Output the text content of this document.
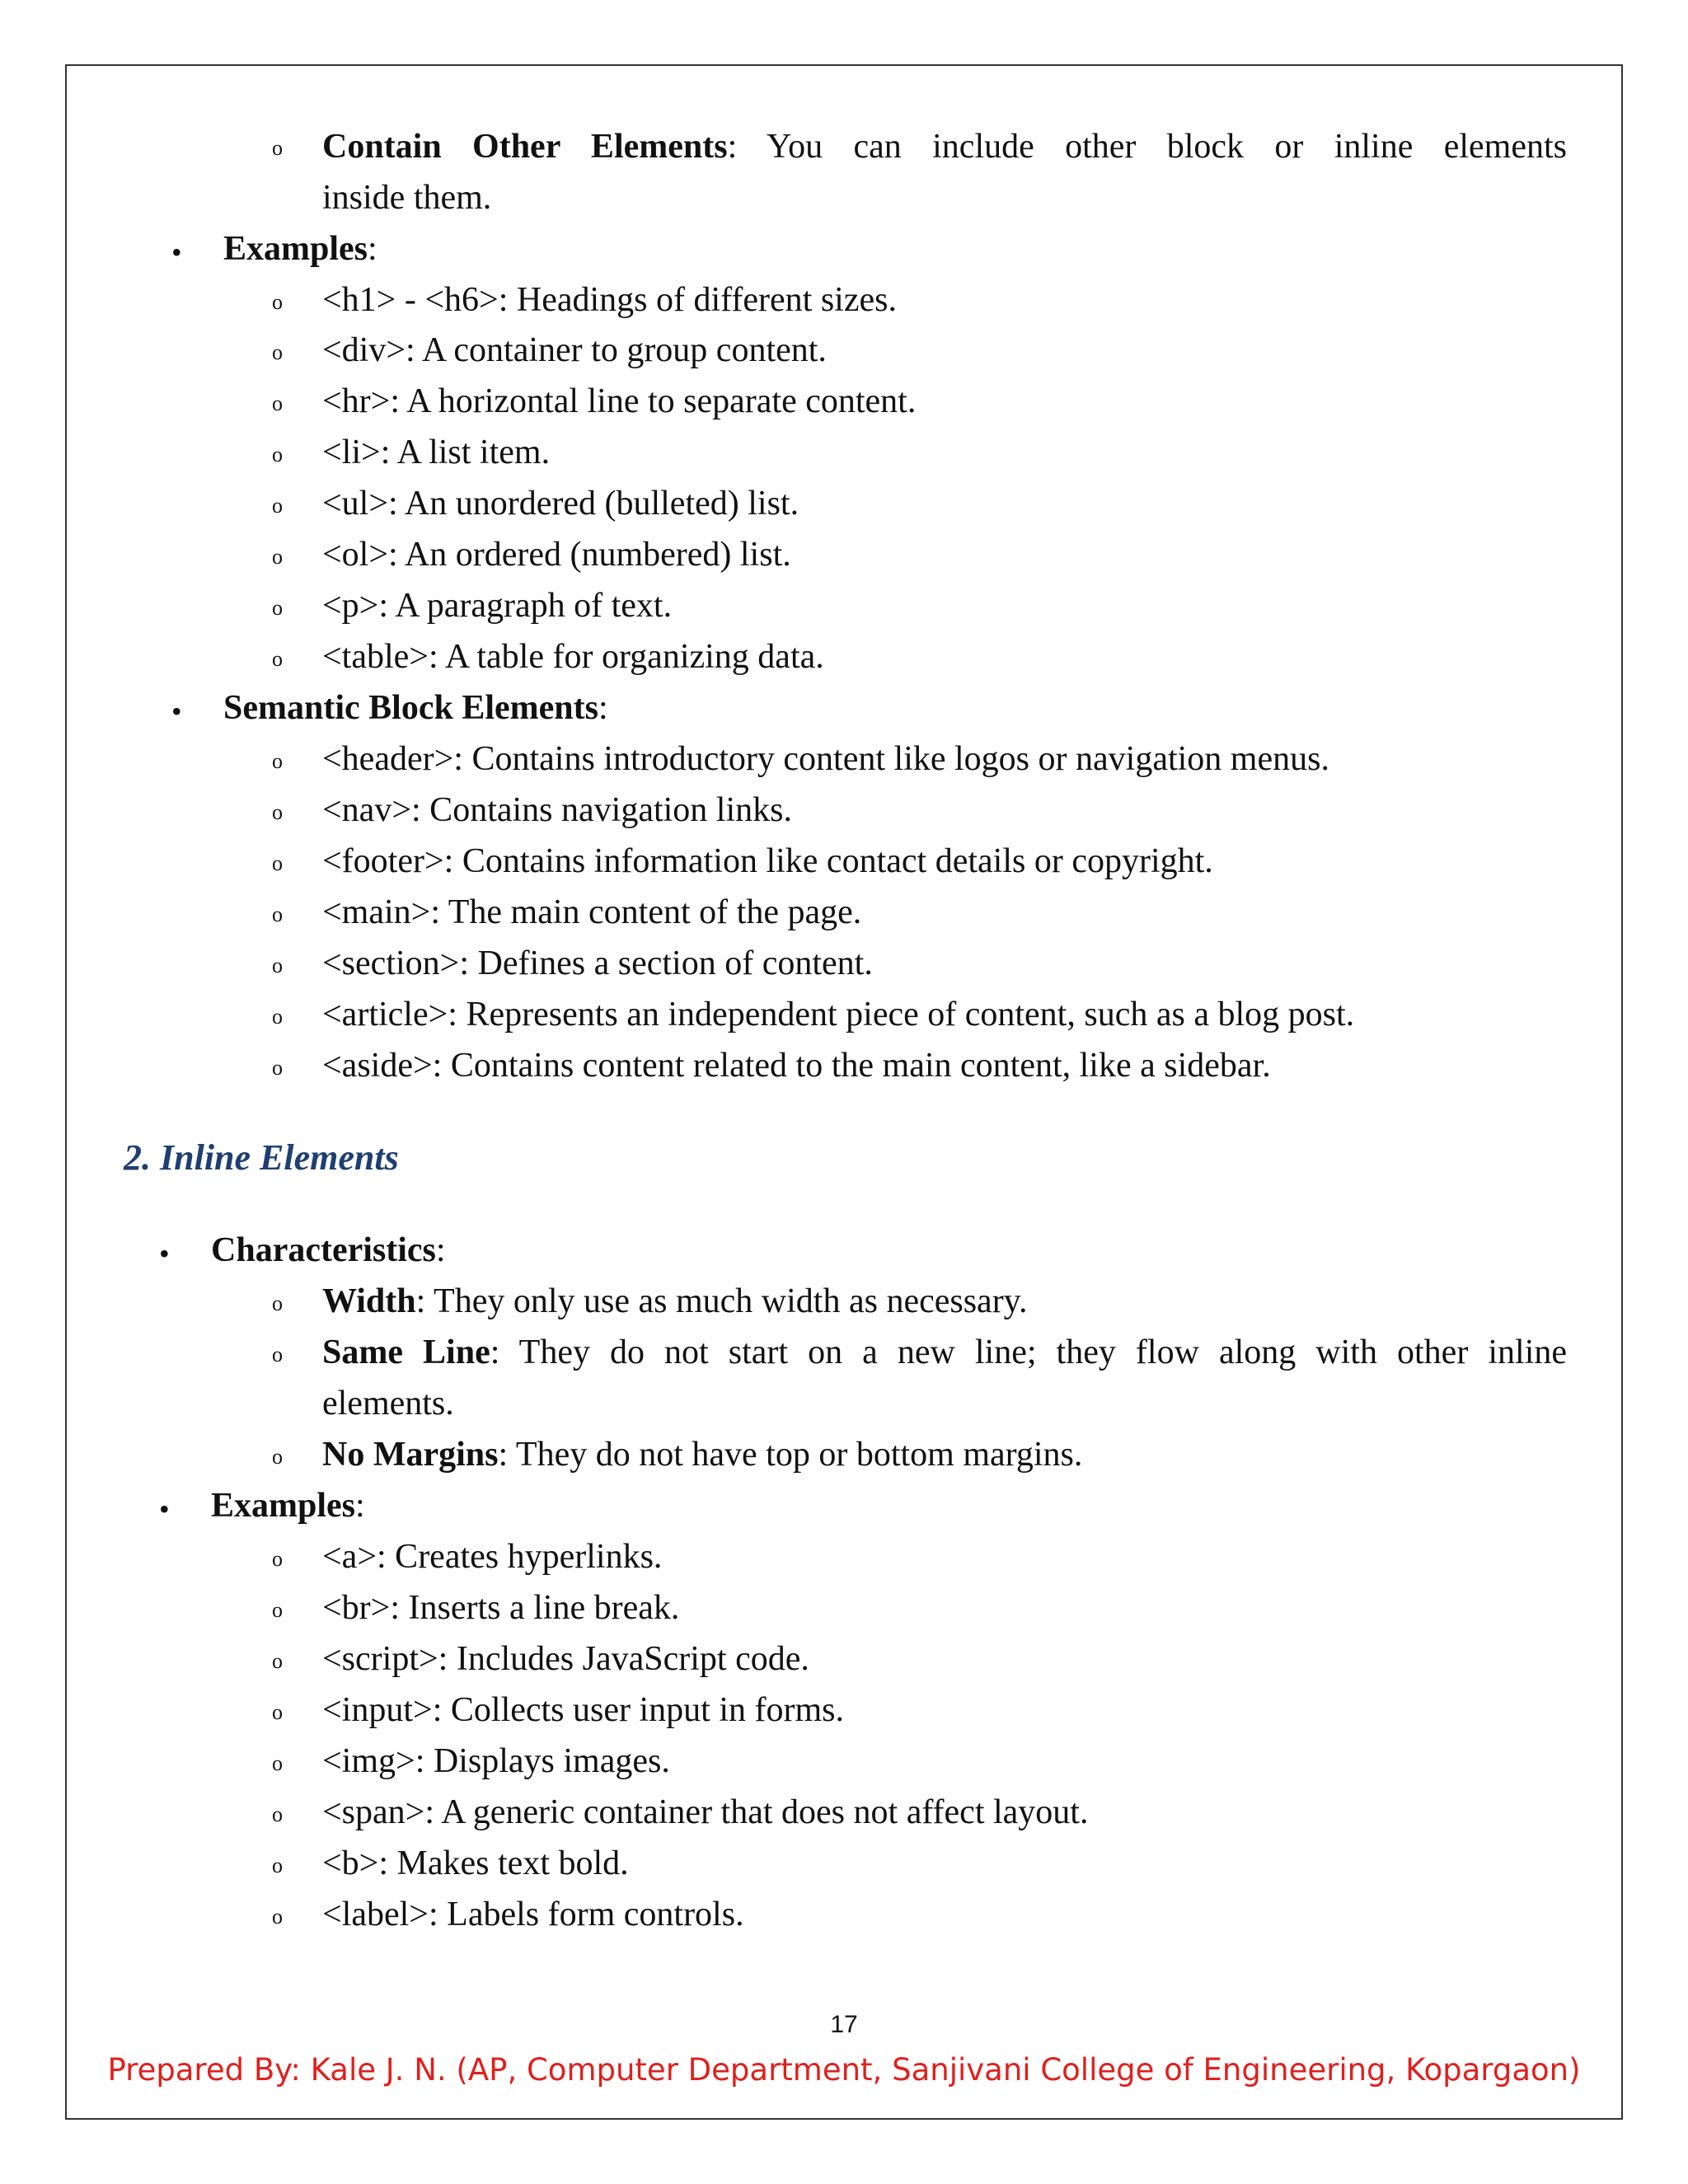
o Contain Other Elements: You can include other block or inline elements
inside them.
• Examples:
o <h1> - <h6>: Headings of different sizes.
o <div>: A container to group content.
o <hr>: A horizontal line to separate content.
o <li>: A list item.
o <ul>: An unordered (bulleted) list.
o <ol>: An ordered (numbered) list.
o <p>: A paragraph of text.
o <table>: A table for organizing data.
• Semantic Block Elements:
o <header>: Contains introductory content like logos or navigation menus.
o <nav>: Contains navigation links.
o <footer>: Contains information like contact details or copyright.
o <main>: The main content of the page.
o <section>: Defines a section of content.
o <article>: Represents an independent piece of content, such as a blog post.
o <aside>: Contains content related to the main content, like a sidebar.
2. Inline Elements
• Characteristics:
o Width: They only use as much width as necessary.
o Same Line: They do not start on a new line; they flow along with other inline
elements.
o No Margins: They do not have top or bottom margins.
• Examples:
o <a>: Creates hyperlinks.
o <br>: Inserts a line break.
o <script>: Includes JavaScript code.
o <input>: Collects user input in forms.
o <img>: Displays images.
o <span>: A generic container that does not affect layout.
o <b>: Makes text bold.
o <label>: Labels form controls.
17
Prepared By: Kale J. N. (AP, Computer Department, Sanjivani College of Engineering, Kopargaon)
